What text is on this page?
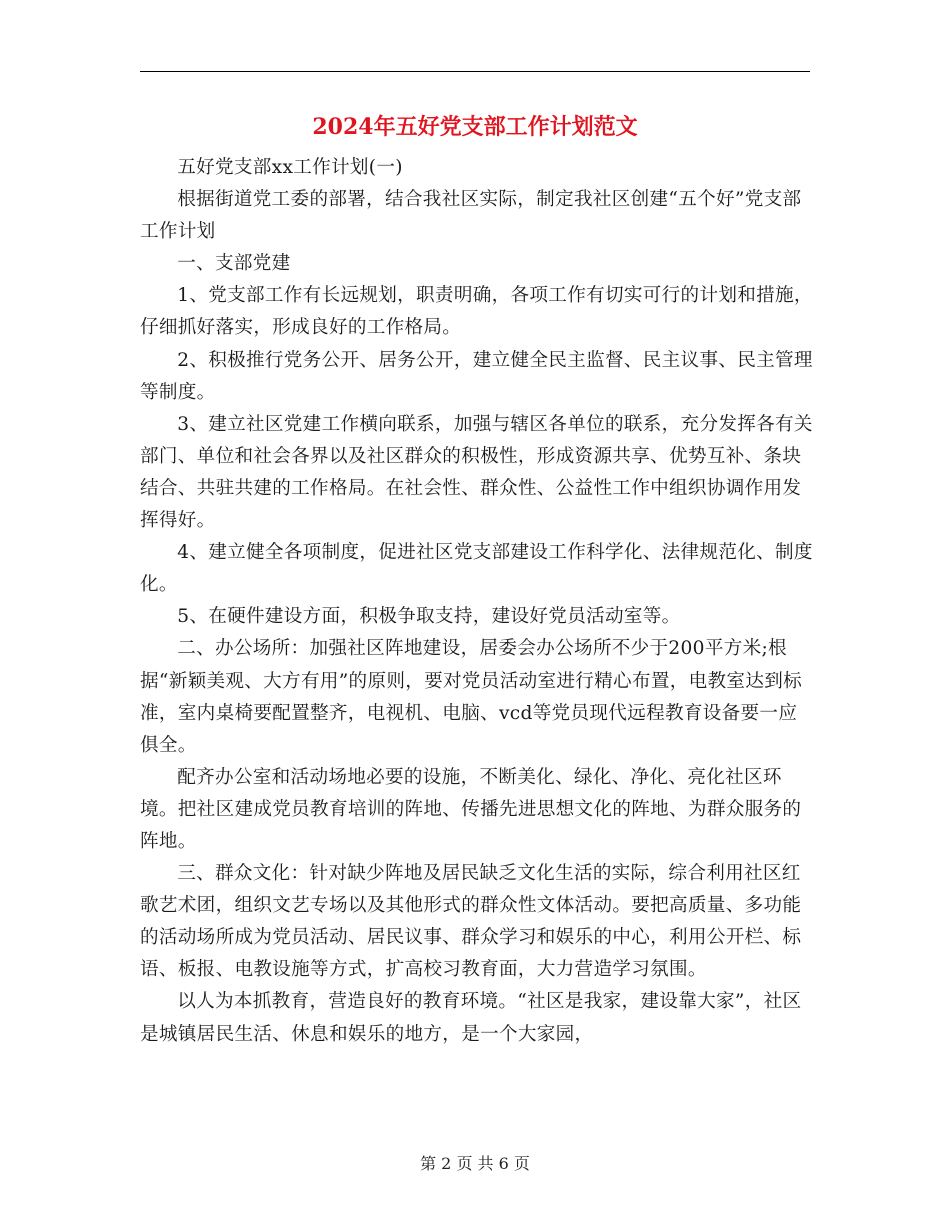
2024年五好党支部工作计划范文

五好党支部xx工作计划(一)

根据街道党工委的部署，结合我社区实际，制定我社区创建“五个好”党支部工作计划

一、支部党建

1、党支部工作有长远规划，职责明确，各项工作有切实可行的计划和措施，仔细抓好落实，形成良好的工作格局。

2、积极推行党务公开、居务公开，建立健全民主监督、民主议事、民主管理等制度。

3、建立社区党建工作横向联系，加强与辖区各单位的联系，充分发挥各有关部门、单位和社会各界以及社区群众的积极性，形成资源共享、优势互补、条块结合、共驻共建的工作格局。在社会性、群众性、公益性工作中组织协调作用发挥得好。

4、建立健全各项制度，促进社区党支部建设工作科学化、法律规范化、制度化。

5、在硬件建设方面，积极争取支持，建设好党员活动室等。

二、办公场所：加强社区阵地建设，居委会办公场所不少于200平方米;根据“新颖美观、大方有用”的原则，要对党员活动室进行精心布置，电教室达到标准，室内桌椅要配置整齐，电视机、电脑、vcd等党员现代远程教育设备要一应俱全。

配齐办公室和活动场地必要的设施，不断美化、绿化、净化、亮化社区环境。把社区建成党员教育培训的阵地、传播先进思想文化的阵地、为群众服务的阵地。

三、群众文化：针对缺少阵地及居民缺乏文化生活的实际，综合利用社区红歌艺术团，组织文艺专场以及其他形式的群众性文体活动。要把高质量、多功能的活动场所成为党员活动、居民议事、群众学习和娱乐的中心，利用公开栏、标语、板报、电教设施等方式，扩高校习教育面，大力营造学习氛围。

以人为本抓教育，营造良好的教育环境。“社区是我家，建设靠大家”，社区是城镇居民生活、休息和娱乐的地方，是一个大家园，

第 2 页 共 6 页
